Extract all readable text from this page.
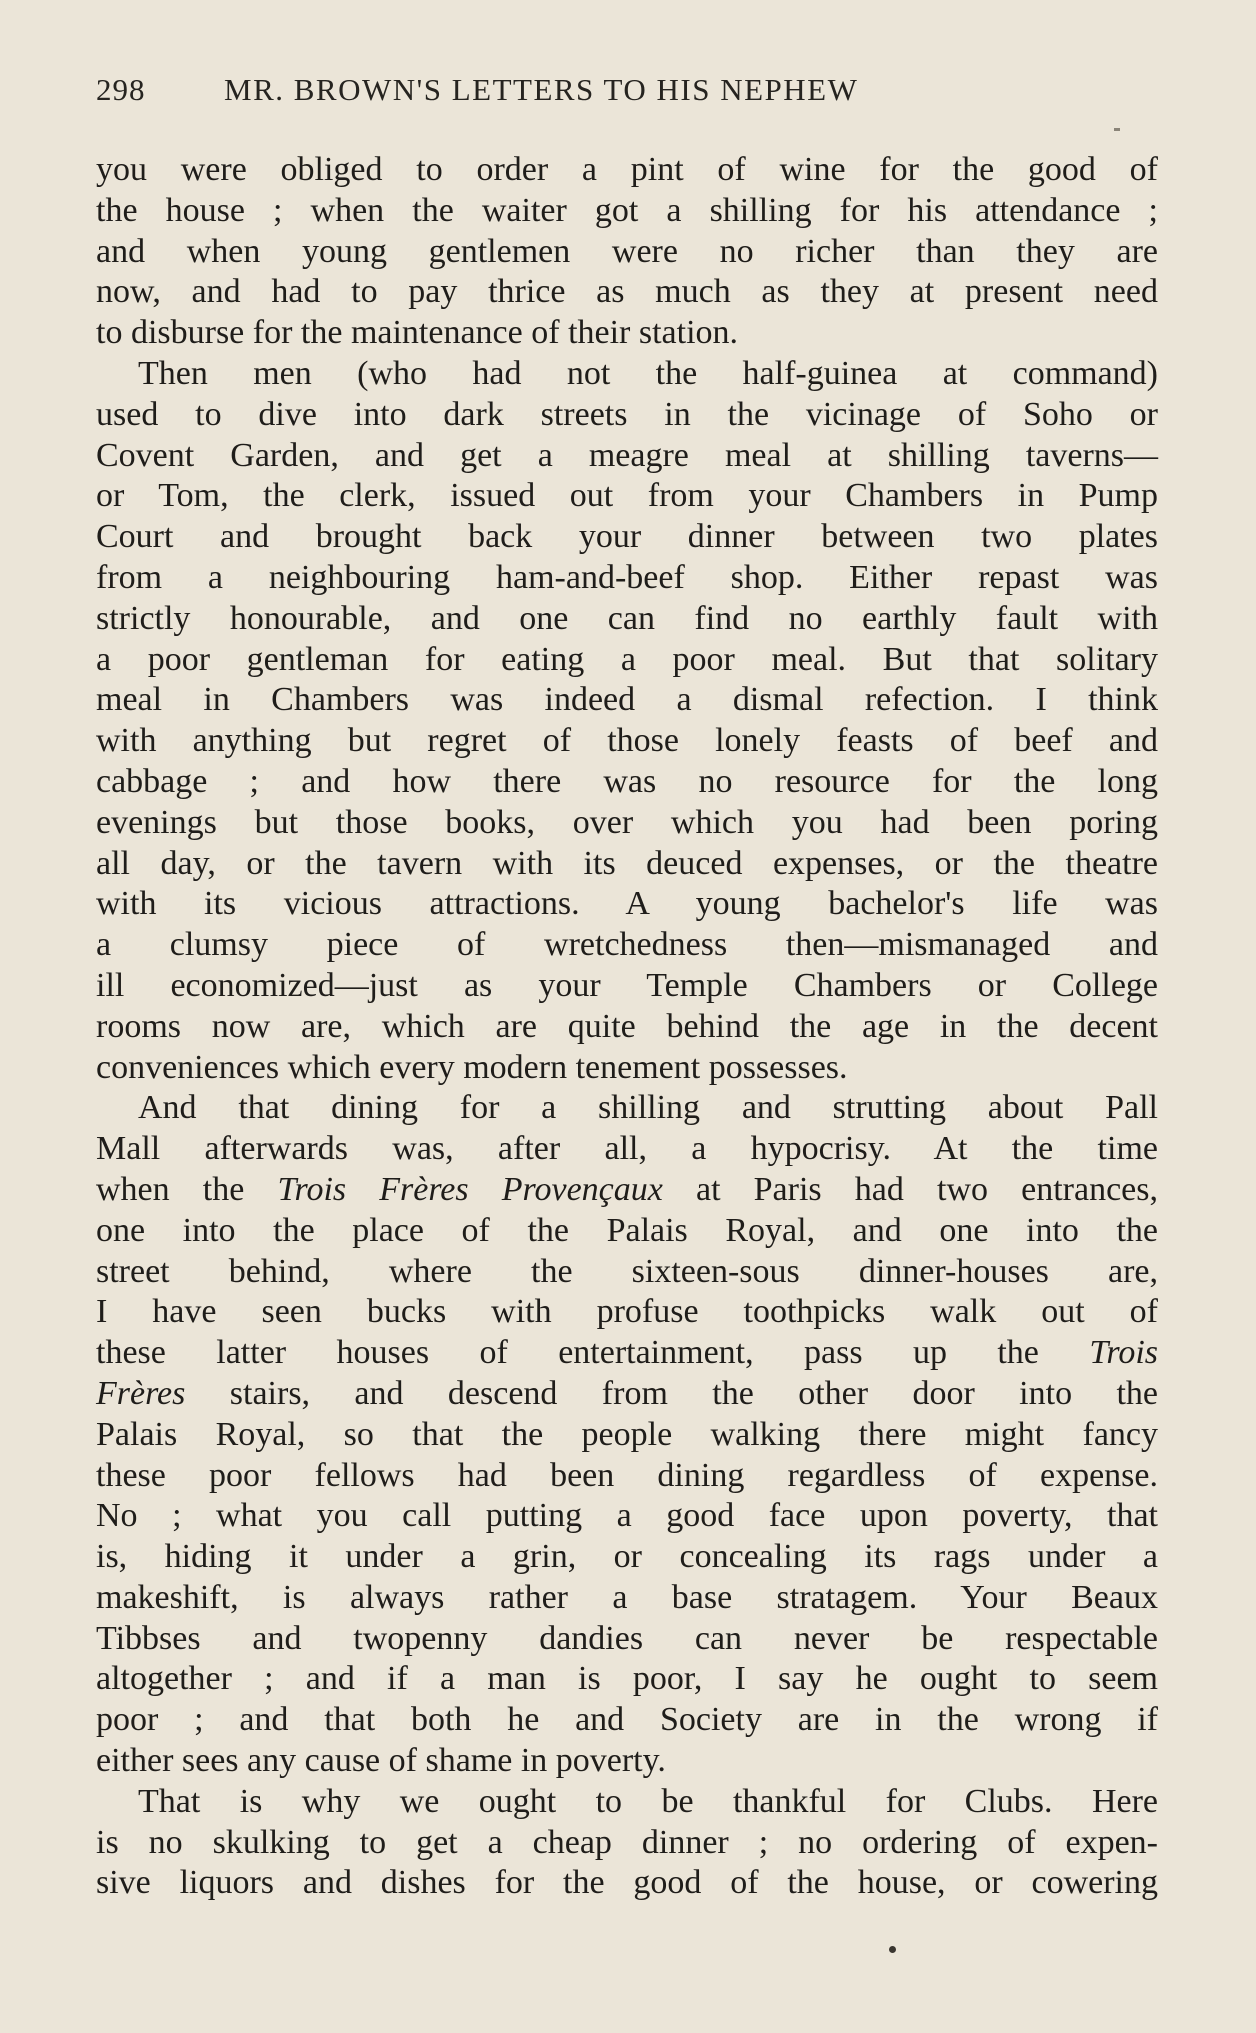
298	MR. BROWN'S LETTERS TO HIS NEPHEW
you were obliged to order a pint of wine for the good of
the house ; when the waiter got a shilling for his attendance ;
and when young gentlemen were no richer than they are
now, and had to pay thrice as much as they at present need
to disburse for the maintenance of their station.
Then men (who had not the half-guinea at command)
used to dive into dark streets in the vicinage of Soho or
Covent Garden, and get a meagre meal at shilling taverns—
or Tom, the clerk, issued out from your Chambers in Pump
Court and brought back your dinner between two plates
from a neighbouring ham-and-beef shop. Either repast was
strictly honourable, and one can find no earthly fault with
a poor gentleman for eating a poor meal. But that solitary
meal in Chambers was indeed a dismal refection. I think
with anything but regret of those lonely feasts of beef and
cabbage ; and how there was no resource for the long
evenings but those books, over which you had been poring
all day, or the tavern with its deuced expenses, or the theatre
with its vicious attractions. A young bachelor's life was
a clumsy piece of wretchedness then—mismanaged and
ill economized—just as your Temple Chambers or College
rooms now are, which are quite behind the age in the decent
conveniences which every modern tenement possesses.
And that dining for a shilling and strutting about Pall
Mall afterwards was, after all, a hypocrisy. At the time
when the Trois Frères Provençaux at Paris had two entrances,
one into the place of the Palais Royal, and one into the
street behind, where the sixteen-sous dinner-houses are,
I have seen bucks with profuse toothpicks walk out of
these latter houses of entertainment, pass up the Trois
Frères stairs, and descend from the other door into the
Palais Royal, so that the people walking there might fancy
these poor fellows had been dining regardless of expense.
No ; what you call putting a good face upon poverty, that
is, hiding it under a grin, or concealing its rags under a
makeshift, is always rather a base stratagem. Your Beaux
Tibbses and twopenny dandies can never be respectable
altogether ; and if a man is poor, I say he ought to seem
poor ; and that both he and Society are in the wrong if
either sees any cause of shame in poverty.
That is why we ought to be thankful for Clubs. Here
is no skulking to get a cheap dinner ; no ordering of expen-
sive liquors and dishes for the good of the house, or cowering
